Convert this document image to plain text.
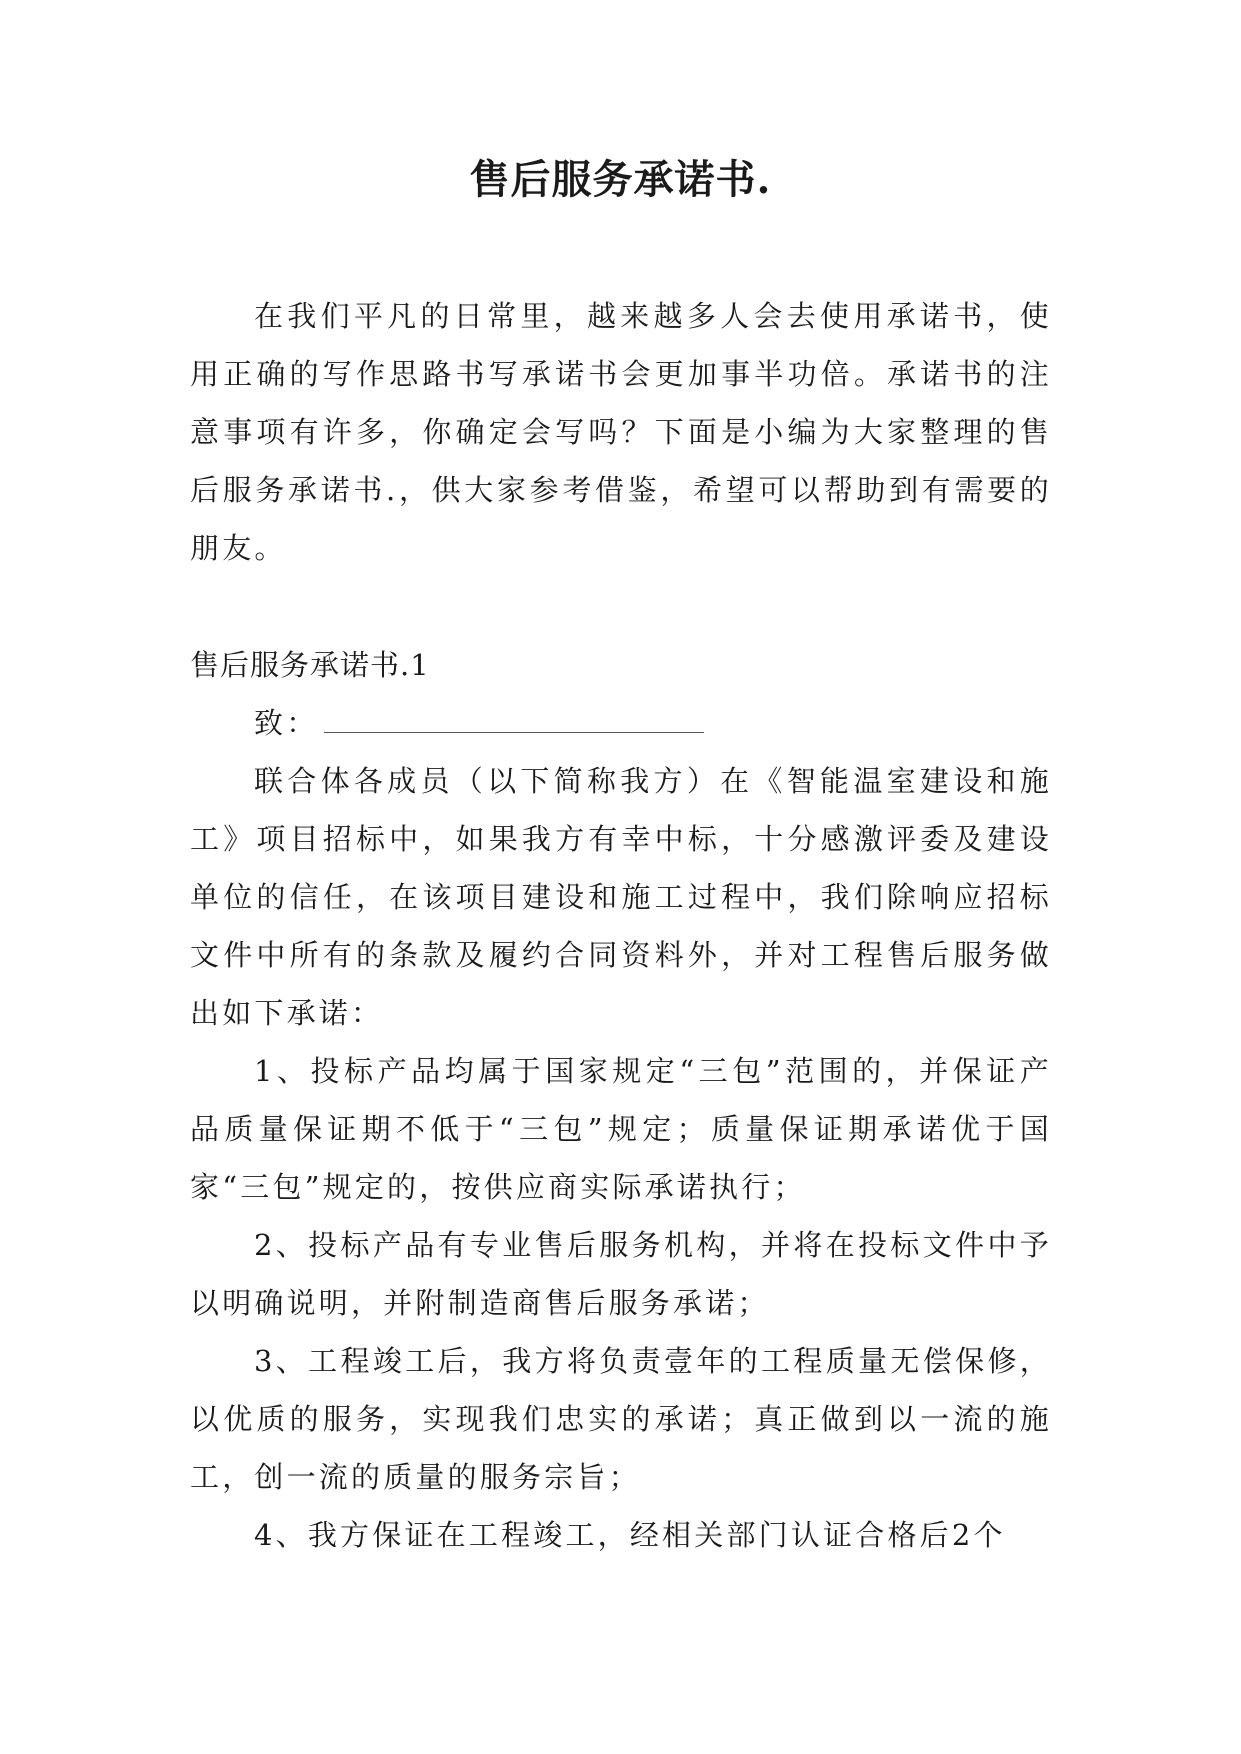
售后服务承诺书.

在我们平凡的日常里，越来越多人会去使用承诺书，使用正确的写作思路书写承诺书会更加事半功倍。承诺书的注意事项有许多，你确定会写吗？下面是小编为大家整理的售后服务承诺书.，供大家参考借鉴，希望可以帮助到有需要的朋友。

售后服务承诺书.1

致：

联合体各成员（以下简称我方）在《智能温室建设和施工》项目招标中，如果我方有幸中标，十分感激评委及建设单位的信任，在该项目建设和施工过程中，我们除响应招标文件中所有的条款及履约合同资料外，并对工程售后服务做出如下承诺：

1、投标产品均属于国家规定“三包”范围的，并保证产品质量保证期不低于“三包”规定；质量保证期承诺优于国家“三包”规定的，按供应商实际承诺执行；

2、投标产品有专业售后服务机构，并将在投标文件中予以明确说明，并附制造商售后服务承诺；

3、工程竣工后，我方将负责壹年的工程质量无偿保修，以优质的服务，实现我们忠实的承诺；真正做到以一流的施工，创一流的质量的服务宗旨；

4、我方保证在工程竣工，经相关部门认证合格后2个
